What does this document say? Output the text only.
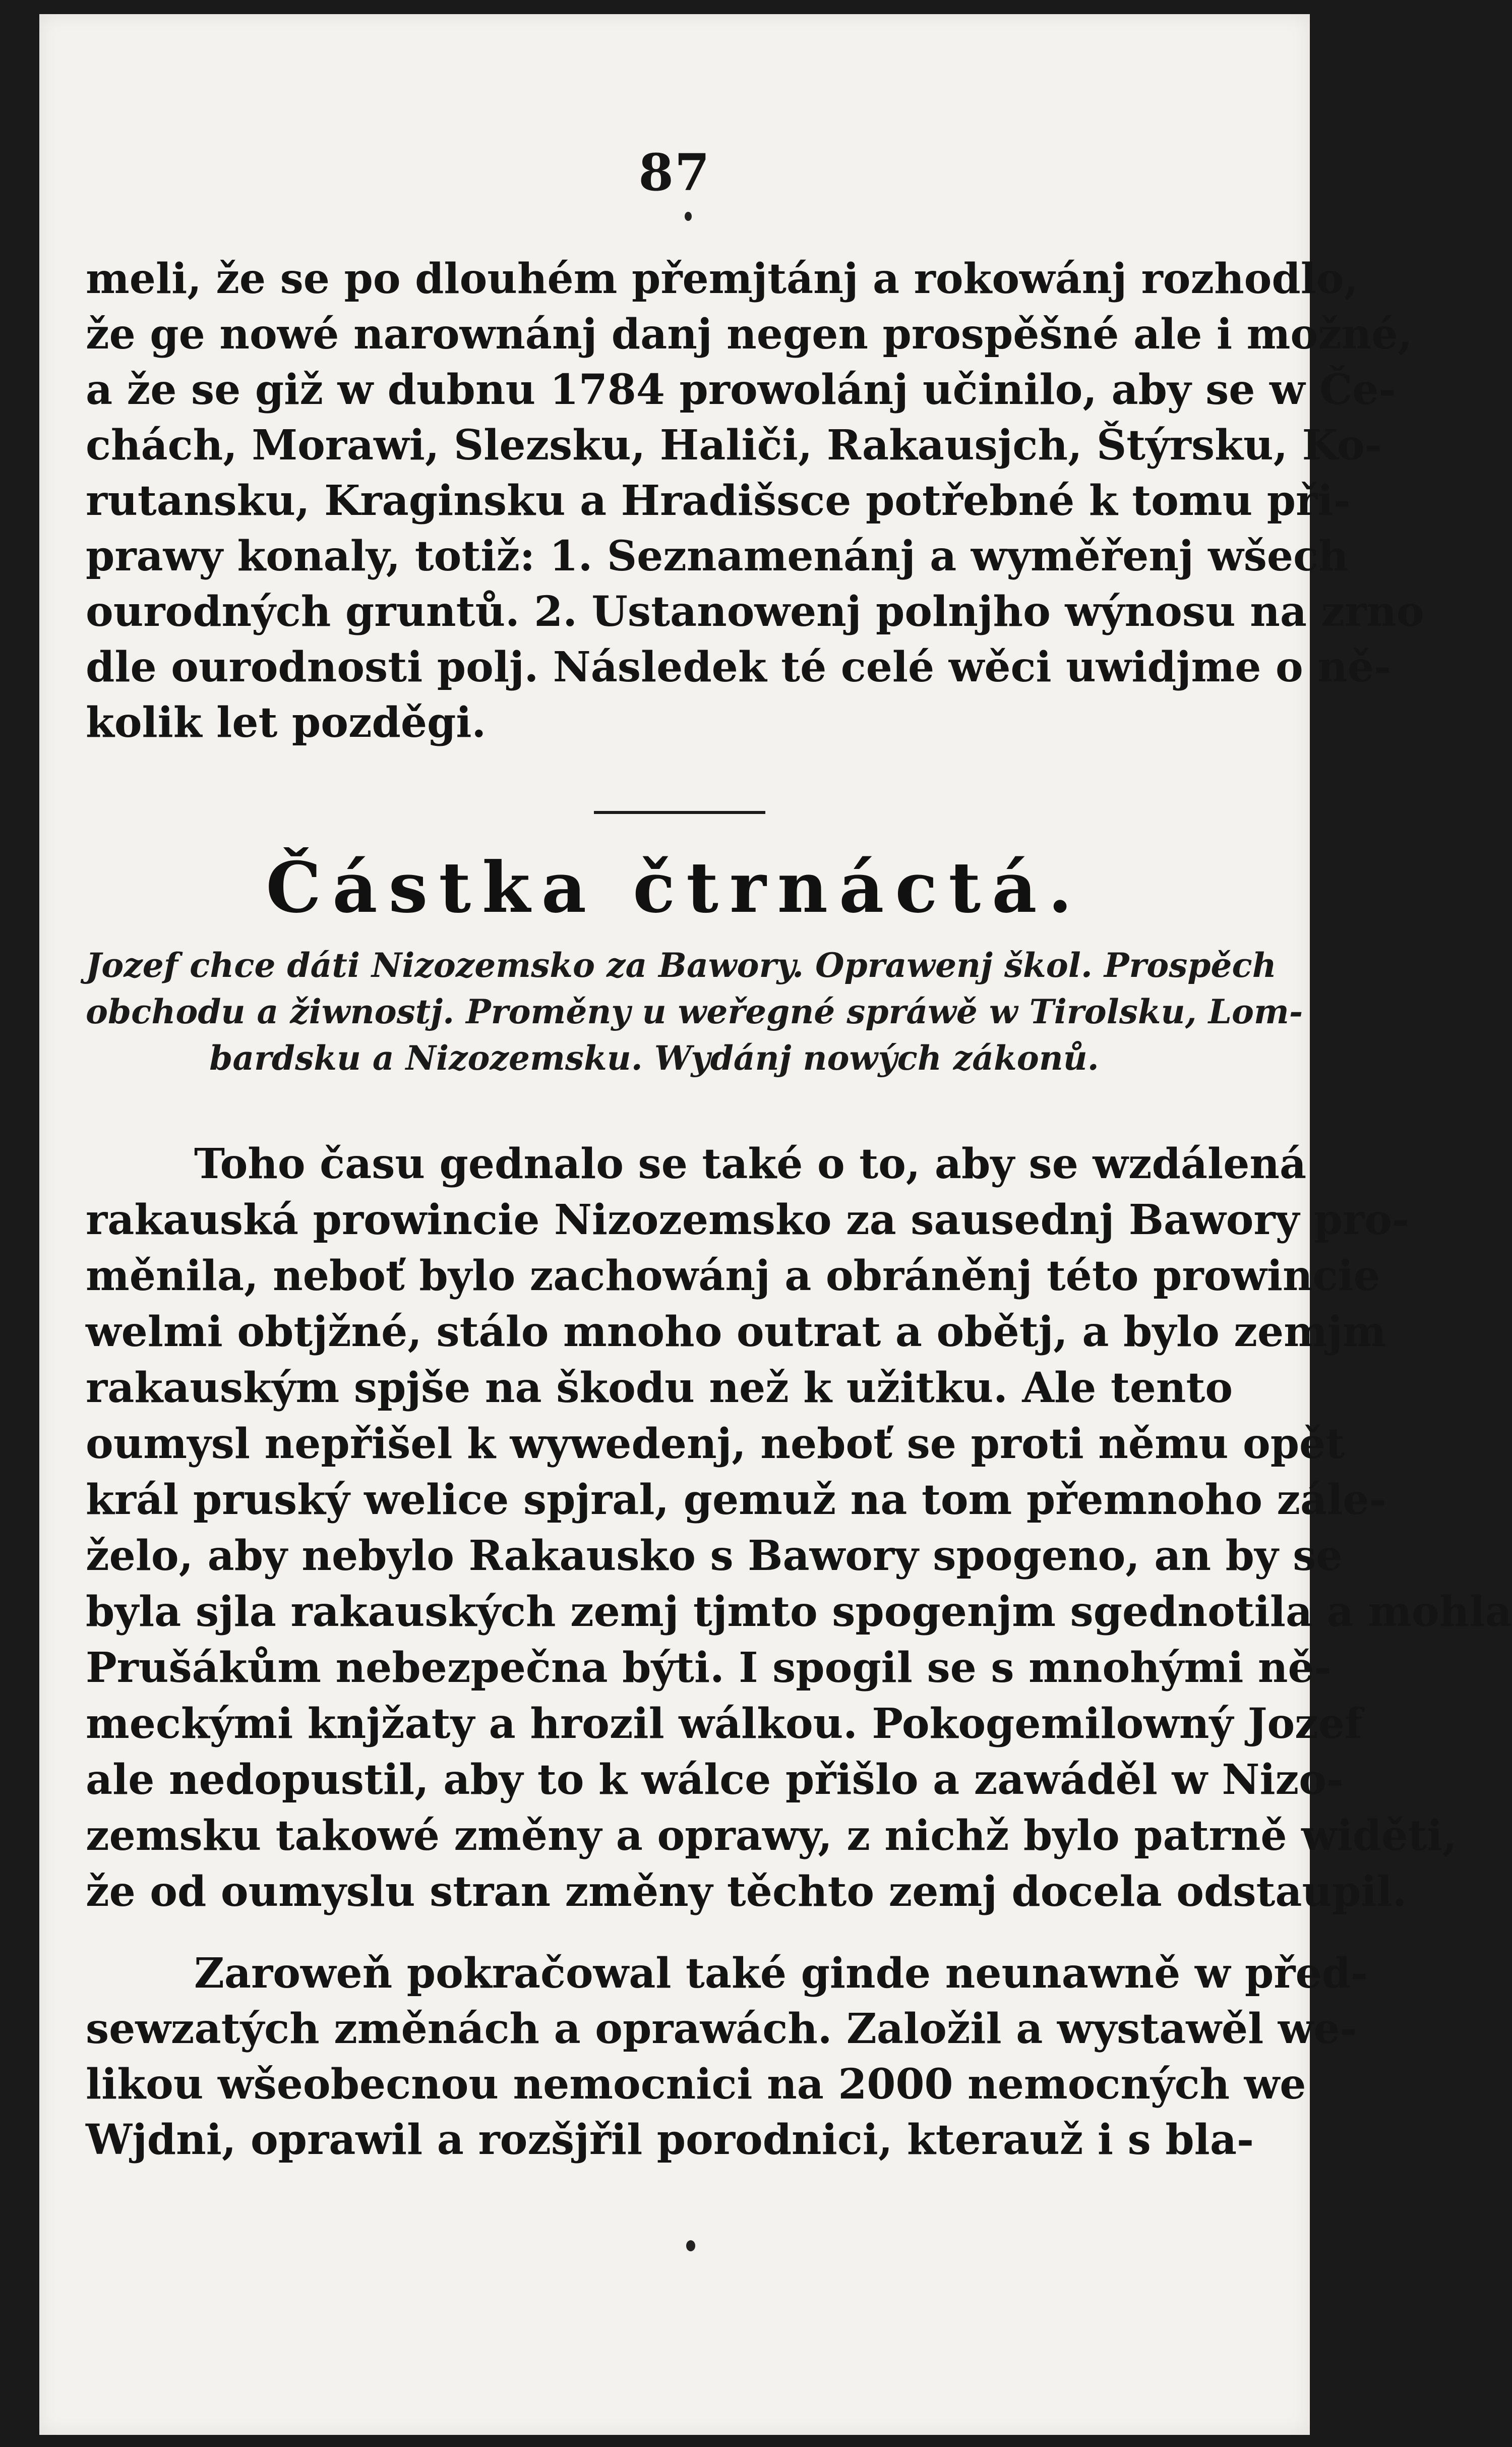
87
meli, že se po dlouhém přemjtánj a rokowánj rozhodlo,
že ge nowé narownánj danj negen prospěšné ale i možné,
a že se giž w dubnu 1784 prowolánj učinilo, aby se w Če-
chách, Morawi, Slezsku, Haliči, Rakausjch, Štýrsku, Ko-
rutansku, Kraginsku a Hradišsce potřebné k tomu při-
prawy konaly, totiž: 1. Seznamenánj a wyměřenj wšech
ourodných gruntů. 2. Ustanowenj polnjho wýnosu na zrno
dle ourodnosti polj. Následek té celé wěci uwidjme o ně-
kolik let pozděgi.
Částka čtrnáctá.
Jozef chce dáti Nizozemsko za Bawory. Oprawenj škol. Prospěch
obchodu a žiwnostj. Proměny u weřegné spráwě w Tirolsku, Lom-
bardsku a Nizozemsku. Wydánj nowých zákonů.
Toho času gednalo se také o to, aby se wzdálená
rakauská prowincie Nizozemsko za sausednj Bawory pro-
měnila, neboť bylo zachowánj a obráněnj této prowincie
welmi obtjžné, stálo mnoho outrat a obětj, a bylo zemjm
rakauským spjše na škodu než k užitku. Ale tento
oumysl nepřišel k wywedenj, neboť se proti němu opět
král pruský welice spjral, gemuž na tom přemnoho zále-
želo, aby nebylo Rakausko s Bawory spogeno, an by se
byla sjla rakauských zemj tjmto spogenjm sgednotila a mohla
Prušákům nebezpečna býti. I spogil se s mnohými ně-
meckými knjžaty a hrozil wálkou. Pokogemilowný Jozef
ale nedopustil, aby to k wálce přišlo a zawáděl w Nizo-
zemsku takowé změny a oprawy, z nichž bylo patrně widěti,
že od oumyslu stran změny těchto zemj docela odstaupil.
Zaroweň pokračowal také ginde neunawně w před-
sewzatých změnách a oprawách. Založil a wystawěl we-
likou wšeobecnou nemocnici na 2000 nemocných we
Wjdni, oprawil a rozšjřil porodnici, kterauž i s bla-
